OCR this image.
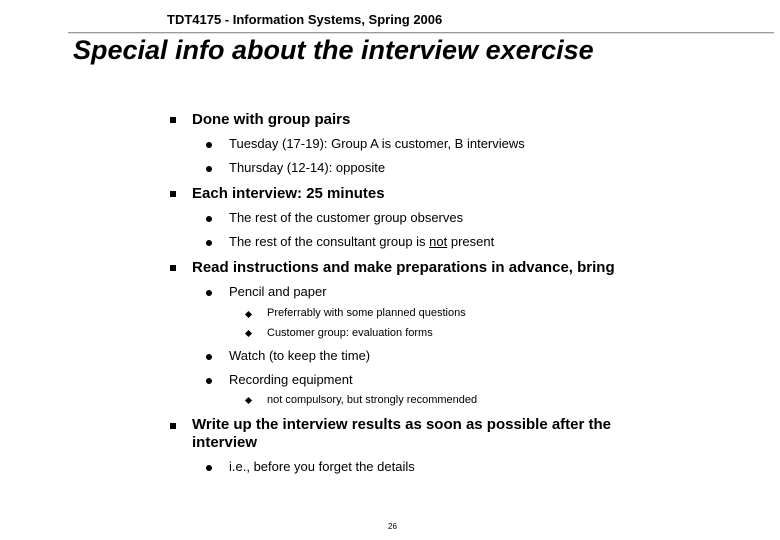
TDT4175 - Information Systems, Spring 2006
Special info about the interview exercise
Done with group pairs
Tuesday (17-19): Group A is customer, B interviews
Thursday (12-14): opposite
Each interview: 25 minutes
The rest of the customer group observes
The rest of the consultant group is not present
Read instructions and make preparations in advance, bring
Pencil and paper
Preferrably with some planned questions
Customer group: evaluation forms
Watch (to keep the time)
Recording equipment
not compulsory, but strongly recommended
Write up the interview results as soon as possible after the interview
i.e., before you forget the details
26
